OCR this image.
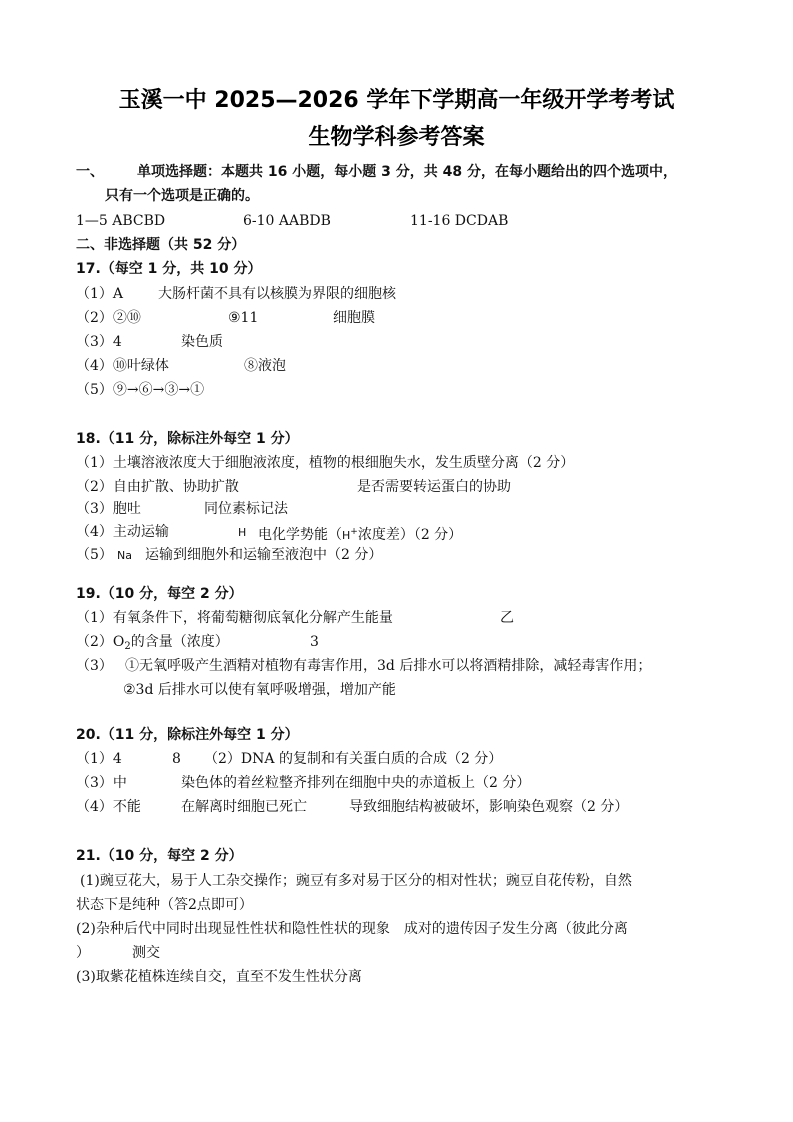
玉溪一中 2025—2026 学年下学期高一年级开学考考试
生物学科参考答案
一、 单项选择题：本题共 16 小题，每小题 3 分，共 48 分，在每小题给出的四个选项中，
只有一个选项是正确的。
1—5 ABCBD	6-10 AABDB	11-16 DCDAB
二、非选择题（共 52 分）
17.（每空 1 分，共 10 分）
（1）A 大肠杆菌不具有以核膜为界限的细胞核
（2）②⑩	⑨11	细胞膜
（3）4	染色质
（4）⑩叶绿体	⑧液泡
（5）⑨→⑥→③→①
18.（11 分，除标注外每空 1 分）
（1）土壤溶液浓度大于细胞液浓度，植物的根细胞失水，发生质壁分离（2 分）
（2）自由扩散、协助扩散	是否需要转运蛋白的协助
（3）胞吐	同位素标记法
（4）主动运输	H 电化学势能（H+浓度差）（2 分）
（5） Na 运输到细胞外和运输至液泡中（2 分）
19.（10 分，每空 2 分）
（1）有氧条件下，将葡萄糖彻底氧化分解产生能量	乙
$(2)O_2$的含量（浓度）	3
（3） ①无氧呼吸产生酒精对植物有毒害作用，3d 后排水可以将酒精排除，减轻毒害作用；
②3d 后排水可以使有氧呼吸增强，增加产能
20.（11 分，除标注外每空 1 分）
（1）4	8 （2）DNA 的复制和有关蛋白质的合成（2 分）
（3）中	染色体的着丝粒整齐排列在细胞中央的赤道板上（2 分）
（4）不能	在解离时细胞已死亡	导致细胞结构被破坏，影响染色观察（2 分）
21.（10 分，每空 2 分）
(1)豌豆花大，易于人工杂交操作；豌豆有多对易于区分的相对性状；豌豆自花传粉，自然
状态下是纯种（答2点即可）
(2)杂种后代中同时出现显性性状和隐性性状的现象　成对的遗传因子发生分离（彼此分离
）	测交
(3)取紫花植株连续自交，直至不发生性状分离
